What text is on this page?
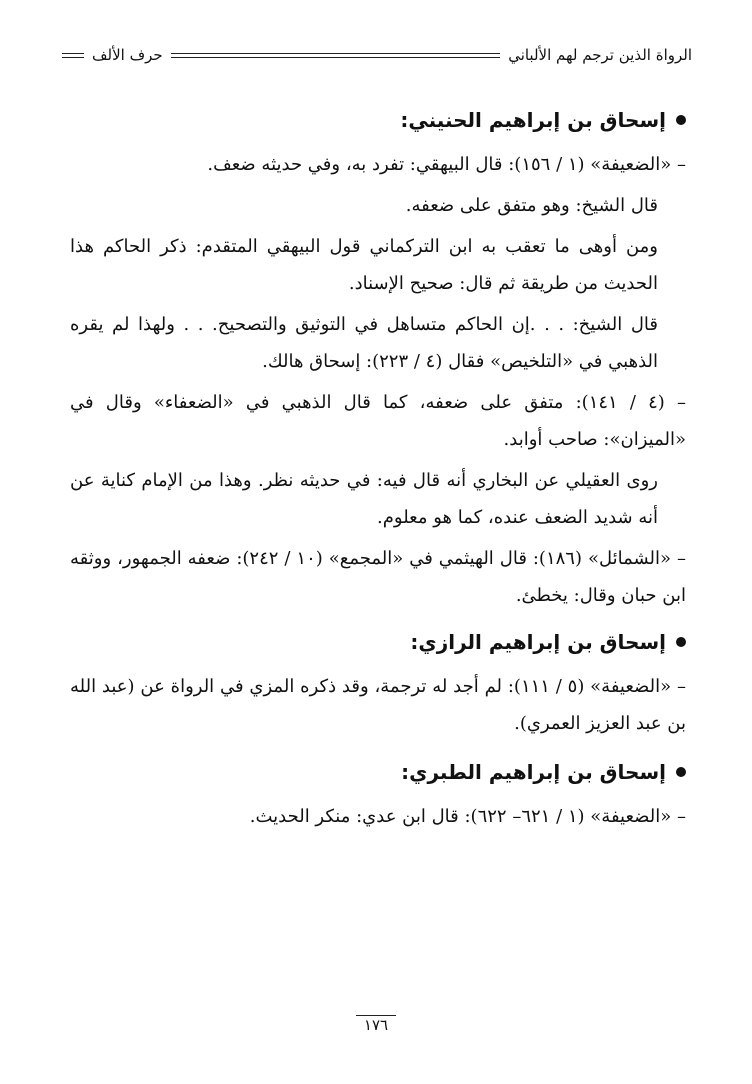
الرواة الذين ترجم لهم الألباني
حرف الألف
إسحاق بن إبراهيم الحنيني:

– «الضعيفة» (١ / ١٥٦): قال البيهقي: تفرد به، وفي حديثه ضعف.

قال الشيخ: وهو متفق على ضعفه.

ومن أوهى ما تعقب به ابن التركماني قول البيهقي المتقدم: ذكر الحاكم هذا الحديث من طريقة ثم قال: صحيح الإسناد.

قال الشيخ: . . .إن الحاكم متساهل في التوثيق والتصحيح. . . ولهذا لم يقره الذهبي في «التلخيص» فقال (٤ / ٢٢٣): إسحاق هالك.

– (٤ / ١٤١): متفق على ضعفه، كما قال الذهبي في «الضعفاء» وقال في «الميزان»: صاحب أوابد.

روى العقيلي عن البخاري أنه قال فيه: في حديثه نظر. وهذا من الإمام كناية عن أنه شديد الضعف عنده، كما هو معلوم.

– «الشمائل» (١٨٦): قال الهيثمي في «المجمع» (١٠ / ٢٤٢): ضعفه الجمهور، ووثقه ابن حبان وقال: يخطئ.

إسحاق بن إبراهيم الرازي:

– «الضعيفة» (٥ / ١١١): لم أجد له ترجمة، وقد ذكره المزي في الرواة عن (عبد الله بن عبد العزيز العمري).

إسحاق بن إبراهيم الطبري:

– «الضعيفة» (١ / ٦٢١– ٦٢٢): قال ابن عدي: منكر الحديث.

١٧٦
